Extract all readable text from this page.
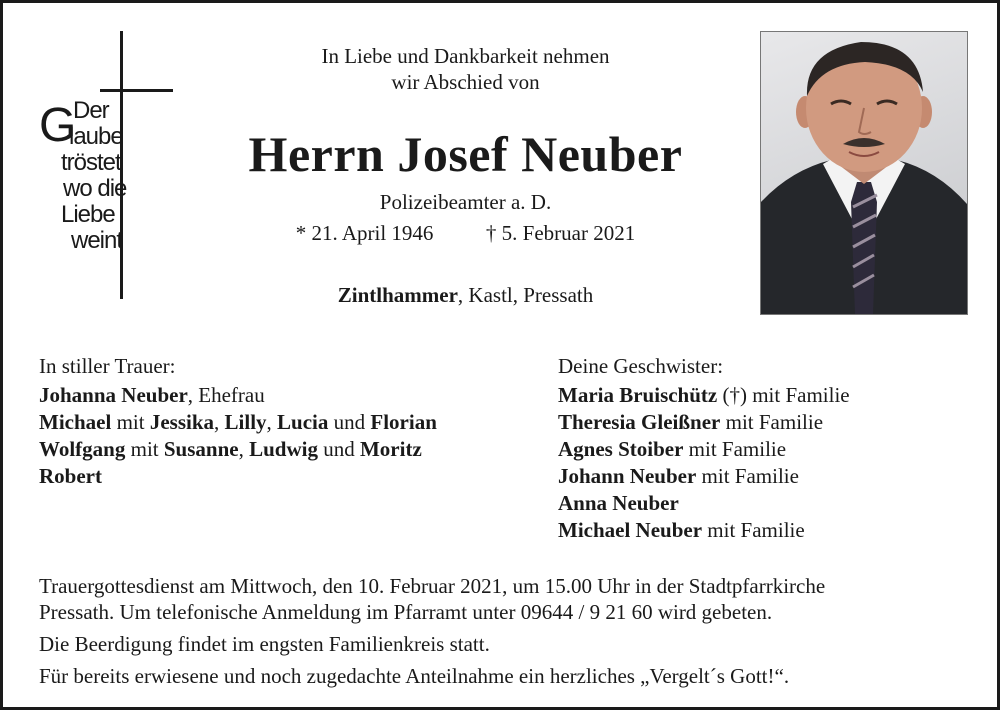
G
Der
laube
tröstet
wo die
Liebe
weint
In Liebe und Dankbarkeit nehmen
wir Abschied von
Herrn Josef Neuber
Polizeibeamter a. D.
* 21. April 1946	† 5. Februar 2021
Zintlhammer, Kastl, Pressath
In stiller Trauer:
Johanna Neuber, Ehefrau
Michael mit Jessika, Lilly, Lucia und Florian
Wolfgang mit Susanne, Ludwig und Moritz
Robert
Deine Geschwister:
Maria Bruischütz (†) mit Familie
Theresia Gleißner mit Familie
Agnes Stoiber mit Familie
Johann Neuber mit Familie
Anna Neuber
Michael Neuber mit Familie

Trauergottesdienst am Mittwoch, den 10. Februar 2021, um 15.00 Uhr in der Stadtpfarrkirche

Pressath. Um telefonische Anmeldung im Pfarramt unter 09644 / 9 21 60 wird gebeten.

Die Beerdigung findet im engsten Familienkreis statt.

Für bereits erwiesene und noch zugedachte Anteilnahme ein herzliches „Vergelt´s Gott!“.
